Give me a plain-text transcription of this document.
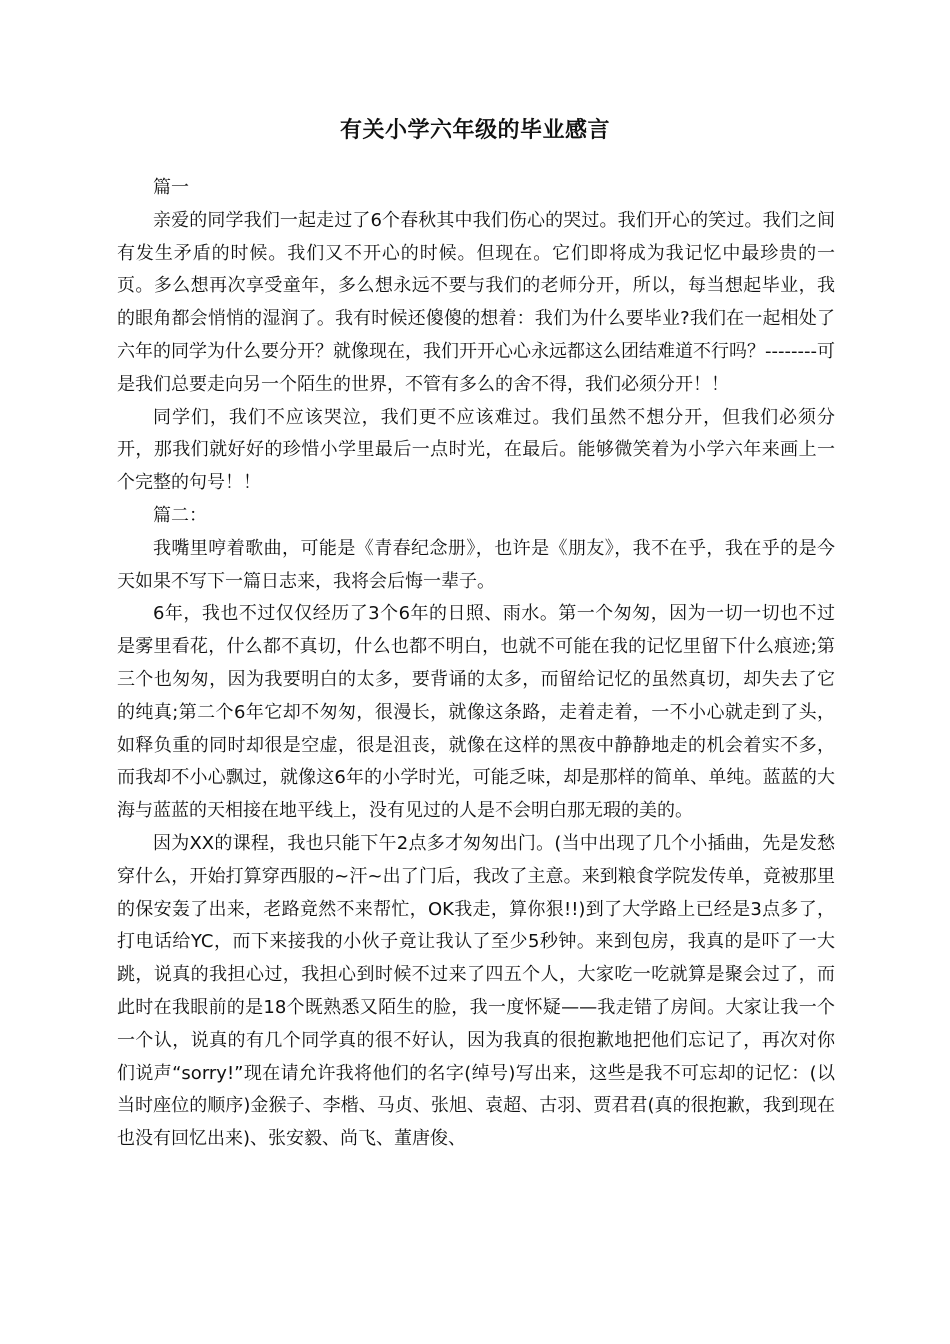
有关小学六年级的毕业感言

篇一

亲爱的同学我们一起走过了6个春秋其中我们伤心的哭过。我们开心的笑过。我们之间有发生矛盾的时候。我们又不开心的时候。但现在。它们即将成为我记忆中最珍贵的一页。多么想再次享受童年，多么想永远不要与我们的老师分开，所以，每当想起毕业，我的眼角都会悄悄的湿润了。我有时候还傻傻的想着：我们为什么要毕业?我们在一起相处了六年的同学为什么要分开？就像现在，我们开开心心永远都这么团结难道不行吗？--------可是我们总要走向另一个陌生的世界，不管有多么的舍不得，我们必须分开！！

同学们，我们不应该哭泣，我们更不应该难过。我们虽然不想分开，但我们必须分开，那我们就好好的珍惜小学里最后一点时光，在最后。能够微笑着为小学六年来画上一个完整的句号！！

篇二：

我嘴里哼着歌曲，可能是《青春纪念册》，也许是《朋友》，我不在乎，我在乎的是今天如果不写下一篇日志来，我将会后悔一辈子。

6年，我也不过仅仅经历了3个6年的日照、雨水。第一个匆匆，因为一切一切也不过是雾里看花，什么都不真切，什么也都不明白，也就不可能在我的记忆里留下什么痕迹;第三个也匆匆，因为我要明白的太多，要背诵的太多，而留给记忆的虽然真切，却失去了它的纯真;第二个6年它却不匆匆，很漫长，就像这条路，走着走着，一不小心就走到了头，如释负重的同时却很是空虚，很是沮丧，就像在这样的黑夜中静静地走的机会着实不多，而我却不小心飘过，就像这6年的小学时光，可能乏味，却是那样的简单、单纯。蓝蓝的大海与蓝蓝的天相接在地平线上，没有见过的人是不会明白那无瑕的美的。

因为XX的课程，我也只能下午2点多才匆匆出门。(当中出现了几个小插曲，先是发愁穿什么，开始打算穿西服的~汗~出了门后，我改了主意。来到粮食学院发传单，竟被那里的保安轰了出来，老路竟然不来帮忙，OK我走，算你狠!!)到了大学路上已经是3点多了，打电话给YC，而下来接我的小伙子竟让我认了至少5秒钟。来到包房，我真的是吓了一大跳，说真的我担心过，我担心到时候不过来了四五个人，大家吃一吃就算是聚会过了，而此时在我眼前的是18个既熟悉又陌生的脸，我一度怀疑——我走错了房间。大家让我一个一个认，说真的有几个同学真的很不好认，因为我真的很抱歉地把他们忘记了，再次对你们说声“sorry!”现在请允许我将他们的名字(绰号)写出来，这些是我不可忘却的记忆：(以当时座位的顺序)金猴子、李楷、马贞、张旭、袁超、古羽、贾君君(真的很抱歉，我到现在也没有回忆出来)、张安毅、尚飞、董唐俊、
